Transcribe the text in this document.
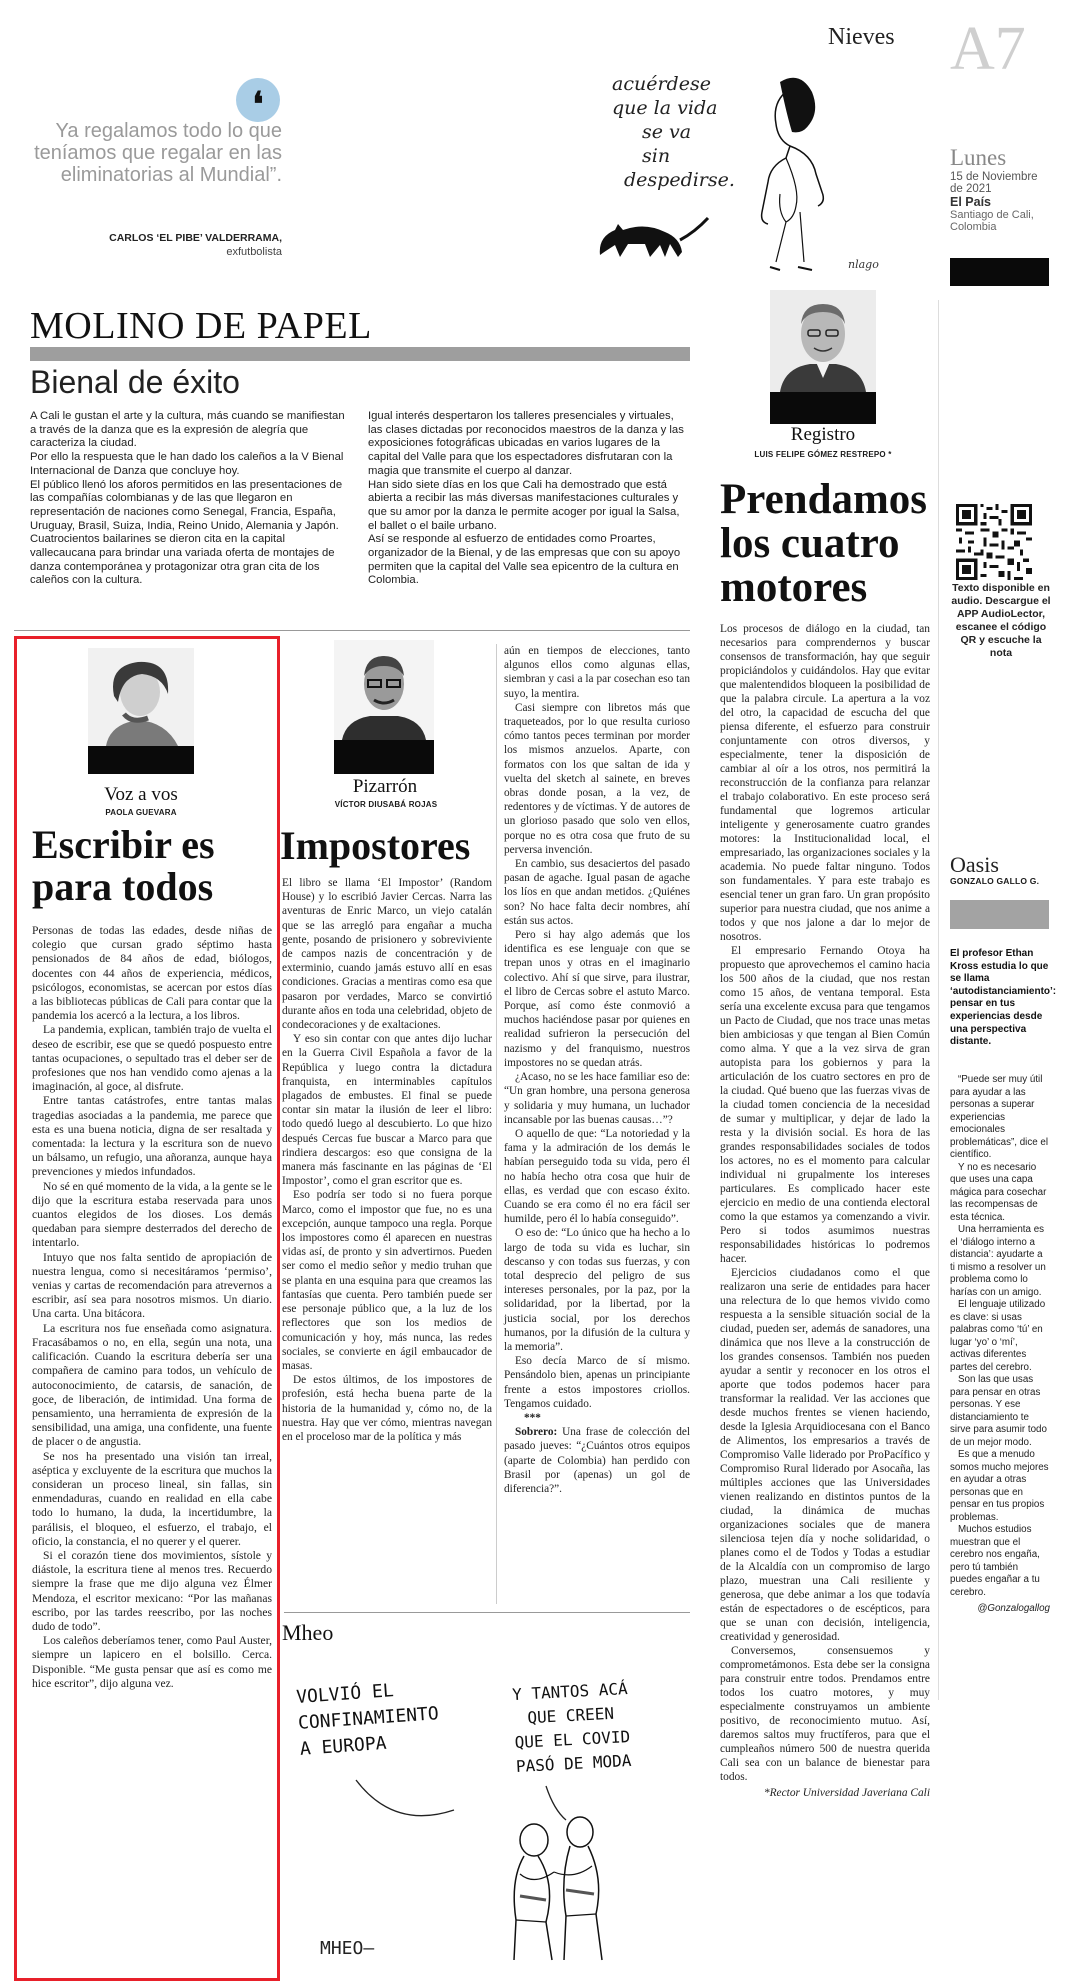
Nieves A7
Lunes
15 de Noviembre
de 2021
El País
Santiago de Cali,
Colombia
❛
Ya regalamos todo lo que teníamos que regalar en las eliminatorias al Mundial”.
CARLOS ‘EL PIBE’ VALDERRAMA,
exfutbolista
acuérdese
que la vida
se va
sin
despedirse.
nlago
MOLINO DE PAPEL
Bienal de éxito

A Cali le gustan el arte y la cultura, más cuando se manifiestan a través de la danza que es la expresión de alegría que caracteriza la ciudad.

Por ello la respuesta que le han dado los caleños a la V Bienal Internacional de Danza que concluye hoy.

El público llenó los aforos permitidos en las presentaciones de las compañías colombianas y de las que llegaron en representación de naciones como Senegal, Francia, España, Uruguay, Brasil, Suiza, India, Reino Unido, Alemania y Japón.

Cuatrocientos bailarines se dieron cita en la capital vallecaucana para brindar una variada oferta de montajes de danza contemporánea y protagonizar otra gran cita de los caleños con la cultura.

Igual interés despertaron los talleres presenciales y virtuales, las clases dictadas por reconocidos maestros de la danza y las exposiciones fotográficas ubicadas en varios lugares de la capital del Valle para que los espectadores disfrutaran con la magia que transmite el cuerpo al danzar.

Han sido siete días en los que Cali ha demostrado que está abierta a recibir las más diversas manifestaciones culturales y que su amor por la danza le permite acoger por igual la Salsa, el ballet o el baile urbano.

Así se responde al esfuerzo de entidades como Proartes, organizador de la Bienal, y de las empresas que con su apoyo permiten que la capital del Valle sea epicentro de la cultura en Colombia.

Registro
LUIS FELIPE GÓMEZ RESTREPO *
Prendamos los cuatro motores

Los procesos de diálogo en la ciudad, tan necesarios para comprendernos y buscar consensos de transformación, hay que seguir propiciándolos y cuidándolos. Hay que evitar que malentendidos bloqueen la posibilidad de que la palabra circule. La apertura a la voz del otro, la capacidad de escucha del que piensa diferente, el esfuerzo para construir conjuntamente con otros diversos, y especialmente, tener la disposición de cambiar al oír a los otros, nos permitirá la reconstrucción de la confianza para relanzar el trabajo colaborativo. En este proceso será fundamental que logremos articular inteligente y generosamente cuatro grandes motores: la Institucionalidad local, el empresariado, las organizaciones sociales y la academia. No puede faltar ninguno. Todos son fundamentales. Y para este trabajo es esencial tener un gran faro. Un gran propósito superior para nuestra ciudad, que nos anime a todos y que nos jalone a dar lo mejor de nosotros.

El empresario Fernando Otoya ha propuesto que aprovechemos el camino hacia los 500 años de la ciudad, que nos restan como 15 años, de ventana temporal. Esta sería una excelente excusa para que tengamos un Pacto de Ciudad, que nos trace unas metas bien ambiciosas y que tengan al Bien Común como alma. Y que a la vez sirva de gran autopista para los gobiernos y para la articulación de los cuatro sectores en pro de la ciudad. Qué bueno que las fuerzas vivas de la ciudad tomen conciencia de la necesidad de sumar y multiplicar, y dejar de lado la resta y la división social. Es hora de las grandes responsabilidades sociales de todos los actores, no es el momento para calcular individual ni grupalmente los intereses particulares. Es complicado hacer este ejercicio en medio de una contienda electoral como la que estamos ya comenzando a vivir. Pero si todos asumimos nuestras responsabilidades históricas lo podremos hacer.

Ejercicios ciudadanos como el que realizaron una serie de entidades para hacer una relectura de lo que hemos vivido como respuesta a la sensible situación social de la ciudad, pueden ser, además de sanadores, una dinámica que nos lleve a la construcción de los grandes consensos. También nos pueden ayudar a sentir y reconocer en los otros el aporte que todos podemos hacer para transformar la realidad. Ver las acciones que desde muchos frentes se vienen haciendo, desde la Iglesia Arquidiocesana con el Banco de Alimentos, los empresarios a través de Compromiso Valle liderado por ProPacífico y Compromiso Rural liderado por Asocaña, las múltiples acciones que las Universidades vienen realizando en distintos puntos de la ciudad, la dinámica de muchas organizaciones sociales que de manera silenciosa tejen día y noche solidaridad, o planes como el de Todos y Todas a estudiar de la Alcaldía con un compromiso de largo plazo, muestran una Cali resiliente y generosa, que debe animar a los que todavía están de espectadores o de escépticos, para que se unan con decisión, inteligencia, creatividad y generosidad.

Conversemos, consensuemos y comprometámonos. Esta debe ser la consigna para construir entre todos. Prendamos entre todos los cuatro motores, y muy especialmente construyamos un ambiente positivo, de reconocimiento mutuo. Así, daremos saltos muy fructíferos, para que el cumpleaños número 500 de nuestra querida Cali sea con un balance de bienestar para todos.

*Rector Universidad Javeriana Cali

Texto disponible en audio. Descargue el APP AudioLector, escanee el código QR y escuche la nota
Oasis
GONZALO GALLO G.
El profesor Ethan Kross estudia lo que se llama ‘autodistanciamiento’: pensar en tus experiencias desde una perspectiva distante.

“Puede ser muy útil para ayudar a las personas a superar experiencias emocionales problemáticas”, dice el científico.

Y no es necesario que uses una capa mágica para cosechar las recompensas de esta técnica.

Una herramienta es el ‘diálogo interno a distancia’: ayudarte a ti mismo a resolver un problema como lo harías con un amigo.

El lenguaje utilizado es clave: si usas palabras como ‘tú’ en lugar ‘yo’ o ‘mí’, activas diferentes partes del cerebro.

Son las que usas para pensar en otras personas. Y ese distanciamiento te sirve para asumir todo de un mejor modo.

Es que a menudo somos mucho mejores en ayudar a otras personas que en pensar en tus propios problemas.

Muchos estudios muestran que el cerebro nos engaña, pero tú también puedes engañar a tu cerebro.

@Gonzalogallog

Voz a vos
PAOLA GUEVARA
Escribir es para todos

Personas de todas las edades, desde niñas de colegio que cursan grado séptimo hasta pensionados de 84 años de edad, biólogos, docentes con 44 años de experiencia, médicos, psicólogos, economistas, se acercan por estos días a las bibliotecas públicas de Cali para contar que la pandemia los acercó a la lectura, a los libros.

La pandemia, explican, también trajo de vuelta el deseo de escribir, ese que se quedó pospuesto entre tantas ocupaciones, o sepultado tras el deber ser de profesiones que nos han vendido como ajenas a la imaginación, al goce, al disfrute.

Entre tantas catástrofes, entre tantas malas tragedias asociadas a la pandemia, me parece que esta es una buena noticia, digna de ser resaltada y comentada: la lectura y la escritura son de nuevo un bálsamo, un refugio, una añoranza, aunque haya prevenciones y miedos infundados.

No sé en qué momento de la vida, a la gente se le dijo que la escritura estaba reservada para unos cuantos elegidos de los dioses. Los demás quedaban para siempre desterrados del derecho de intentarlo.

Intuyo que nos falta sentido de apropiación de nuestra lengua, como si necesitáramos ‘permiso’, venias y cartas de recomendación para atrevernos a escribir, así sea para nosotros mismos. Un diario. Una carta. Una bitácora.

La escritura nos fue enseñada como asignatura. Fracasábamos o no, en ella, según una nota, una calificación. Cuando la escritura debería ser una compañera de camino para todos, un vehículo de autoconocimiento, de catarsis, de sanación, de goce, de liberación, de intimidad. Una forma de pensamiento, una herramienta de expresión de la sensibilidad, una amiga, una confidente, una fuente de placer o de angustia.

Se nos ha presentado una visión tan irreal, aséptica y excluyente de la escritura que muchos la consideran un proceso lineal, sin fallas, sin enmendaduras, cuando en realidad en ella cabe todo lo humano, la duda, la incertidumbre, la parálisis, el bloqueo, el esfuerzo, el trabajo, el oficio, la constancia, el no querer y el querer.

Si el corazón tiene dos movimientos, sístole y diástole, la escritura tiene al menos tres. Recuerdo siempre la frase que me dijo alguna vez Élmer Mendoza, el escritor mexicano: “Por las mañanas escribo, por las tardes reescribo, por las noches dudo de todo”.

Los caleños deberíamos tener, como Paul Auster, siempre un lapicero en el bolsillo. Cerca. Disponible. “Me gusta pensar que así es como me hice escritor”, dijo alguna vez.

Pizarrón
VÍCTOR DIUSABÁ ROJAS
Impostores

El libro se llama ‘El Impostor’ (Random House) y lo escribió Javier Cercas. Narra las aventuras de Enric Marco, un viejo catalán que se las arregló para engañar a mucha gente, posando de prisionero y sobreviviente de campos nazis de concentración y de exterminio, cuando jamás estuvo allí en esas condiciones. Gracias a mentiras como esa que pasaron por verdades, Marco se convirtió durante años en toda una celebridad, objeto de condecoraciones y de exaltaciones.

Y eso sin contar con que antes dijo luchar en la Guerra Civil Española a favor de la República y luego contra la dictadura franquista, en interminables capítulos plagados de embustes. El final se puede contar sin matar la ilusión de leer el libro: todo quedó luego al descubierto. Lo que hizo después Cercas fue buscar a Marco para que rindiera descargos: eso que consigna de la manera más fascinante en las páginas de ‘El Impostor’, como el gran escritor que es.

Eso podría ser todo si no fuera porque Marco, como el impostor que fue, no es una excepción, aunque tampoco una regla. Porque los impostores como él aparecen en nuestras vidas así, de pronto y sin advertirnos. Pueden ser como el medio señor y medio truhan que se planta en una esquina para que creamos las fantasías que cuenta. Pero también puede ser ese personaje público que, a la luz de los reflectores que son los medios de comunicación y hoy, más nunca, las redes sociales, se convierte en ágil embaucador de masas.

De estos últimos, de los impostores de profesión, está hecha buena parte de la historia de la humanidad y, cómo no, de la nuestra. Hay que ver cómo, mientras navegan en el proceloso mar de la política y más

aún en tiempos de elecciones, tanto algunos ellos como algunas ellas, siembran y casi a la par cosechan eso tan suyo, la mentira.

Casi siempre con libretos más que traqueteados, por lo que resulta curioso cómo tantos peces terminan por morder los mismos anzuelos. Aparte, con formatos con los que saltan de ida y vuelta del sketch al sainete, en breves obras donde posan, a la vez, de redentores y de víctimas. Y de autores de un glorioso pasado que solo ven ellos, porque no es otra cosa que fruto de su perversa invención.

En cambio, sus desaciertos del pasado pasan de agache. Igual pasan de agache los líos en que andan metidos. ¿Quiénes son? No hace falta decir nombres, ahí están sus actos.

Pero si hay algo además que los identifica es ese lenguaje con que se trepan unos y otras en el imaginario colectivo. Ahí sí que sirve, para ilustrar, el libro de Cercas sobre el astuto Marco. Porque, así como éste conmovió a muchos haciéndose pasar por quienes en realidad sufrieron la persecución del nazismo y del franquismo, nuestros impostores no se quedan atrás.

¿Acaso, no se les hace familiar eso de: “Un gran hombre, una persona generosa y solidaria y muy humana, un luchador incansable por las buenas causas…”?

O aquello de que: “La notoriedad y la fama y la admiración de los demás le habían perseguido toda su vida, pero él no había hecho otra cosa que huir de ellas, es verdad que con escaso éxito. Cuando se era como él no era fácil ser humilde, pero él lo había conseguido”.

O eso de: “Lo único que ha hecho a lo largo de toda su vida es luchar, sin descanso y con todas sus fuerzas, y con total desprecio del peligro de sus intereses personales, por la paz, por la solidaridad, por la libertad, por la justicia social, por los derechos humanos, por la difusión de la cultura y la memoria”.

Eso decía Marco de sí mismo. Pensándolo bien, apenas un principiante frente a estos impostores criollos. Tengamos cuidado.

***

Sobrero: Una frase de colección del pasado jueves: “¿Cuántos otros equipos (aparte de Colombia) han perdido con Brasil por (apenas) un gol de diferencia?”.

Mheo
VOLVIÓ EL
CONFINAMIENTO
A EUROPA
Y TANTOS ACÁ
QUE CREEN
QUE EL COVID
PASÓ DE MODA
MHEO—
